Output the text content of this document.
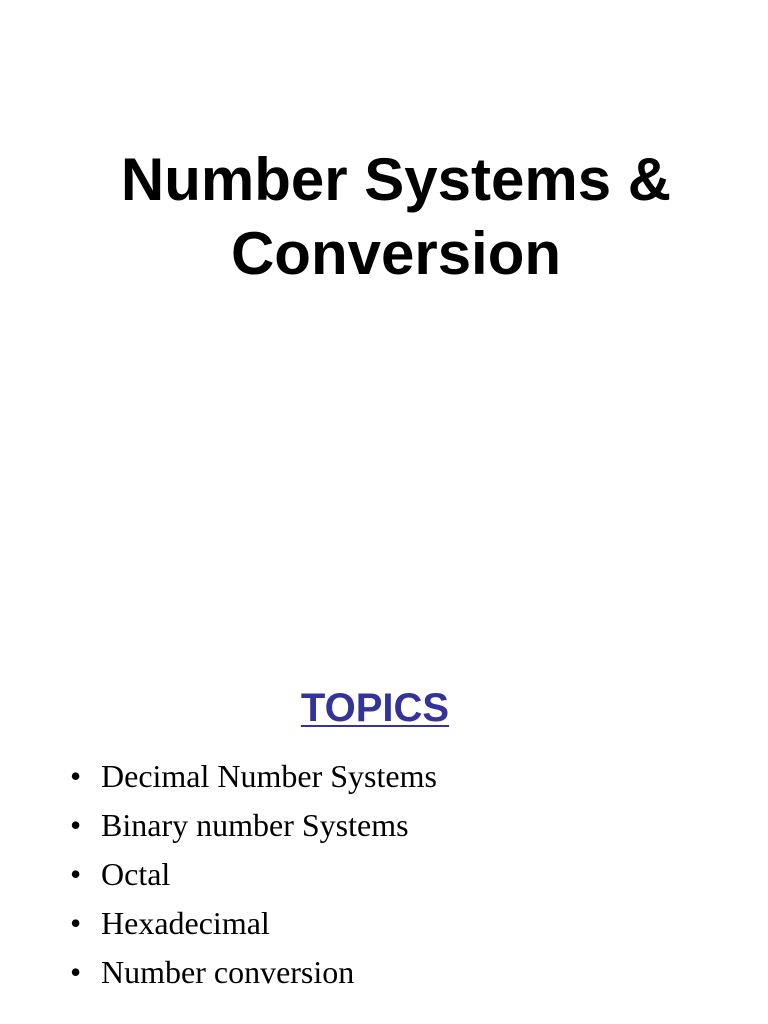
Number Systems &
Conversion
TOPICS
• Decimal Number Systems
• Binary number Systems
• Octal
• Hexadecimal
• Number conversion
